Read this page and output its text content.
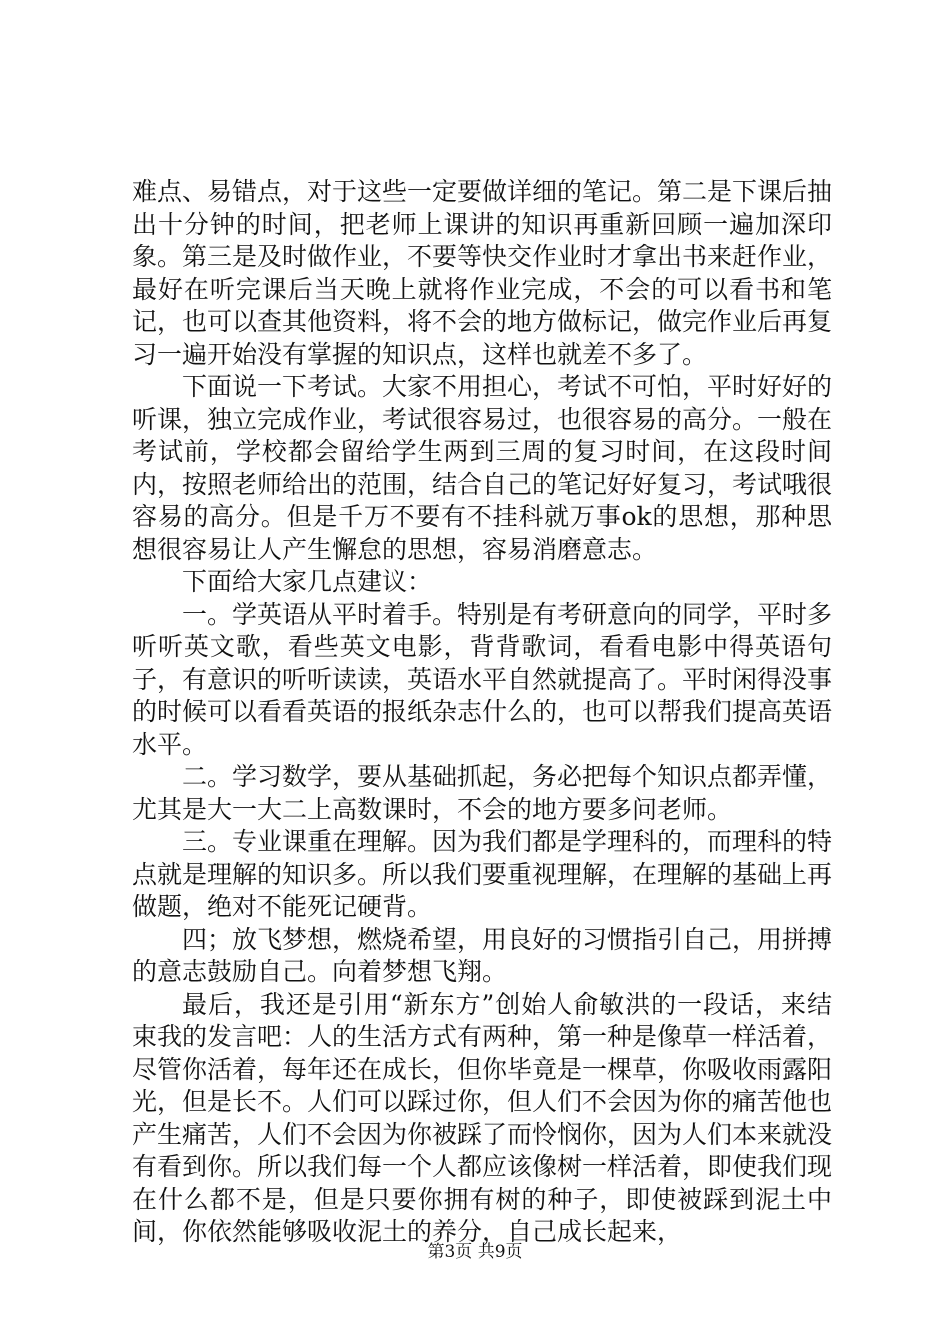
难点、易错点，对于这些一定要做详细的笔记。第二是下课后抽出十分钟的时间，把老师上课讲的知识再重新回顾一遍加深印象。第三是及时做作业，不要等快交作业时才拿出书来赶作业，最好在听完课后当天晚上就将作业完成，不会的可以看书和笔记，也可以查其他资料，将不会的地方做标记，做完作业后再复习一遍开始没有掌握的知识点，这样也就差不多了。

下面说一下考试。大家不用担心，考试不可怕，平时好好的听课，独立完成作业，考试很容易过，也很容易的高分。一般在考试前，学校都会留给学生两到三周的复习时间，在这段时间内，按照老师给出的范围，结合自己的笔记好好复习，考试哦很容易的高分。但是千万不要有不挂科就万事ok的思想，那种思想很容易让人产生懈怠的思想，容易消磨意志。

下面给大家几点建议：

一。学英语从平时着手。特别是有考研意向的同学，平时多听听英文歌，看些英文电影，背背歌词，看看电影中得英语句子，有意识的听听读读，英语水平自然就提高了。平时闲得没事的时候可以看看英语的报纸杂志什么的，也可以帮我们提高英语水平。

二。学习数学，要从基础抓起，务必把每个知识点都弄懂，尤其是大一大二上高数课时，不会的地方要多问老师。

三。专业课重在理解。因为我们都是学理科的，而理科的特点就是理解的知识多。所以我们要重视理解，在理解的基础上再做题，绝对不能死记硬背。

四；放飞梦想，燃烧希望，用良好的习惯指引自己，用拼搏的意志鼓励自己。向着梦想飞翔。

最后，我还是引用“新东方”创始人俞敏洪的一段话，来结束我的发言吧：人的生活方式有两种，第一种是像草一样活着，尽管你活着，每年还在成长，但你毕竟是一棵草，你吸收雨露阳光，但是长不。人们可以踩过你，但人们不会因为你的痛苦他也产生痛苦，人们不会因为你被踩了而怜悯你，因为人们本来就没有看到你。所以我们每一个人都应该像树一样活着，即使我们现在什么都不是，但是只要你拥有树的种子，即使被踩到泥土中间，你依然能够吸收泥土的养分，自己成长起来，

第3页 共9页
